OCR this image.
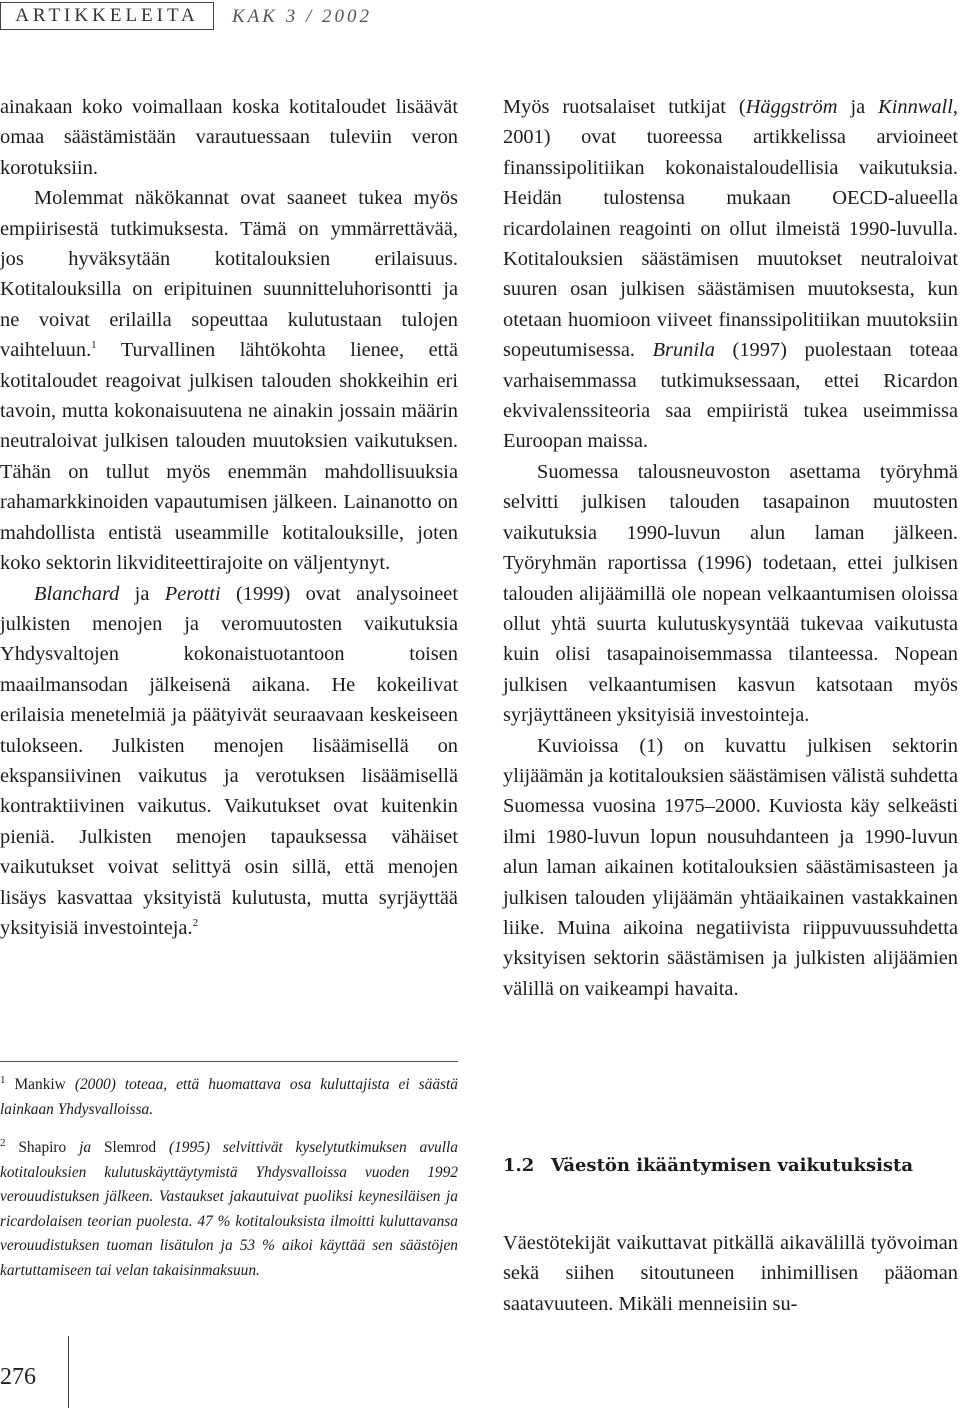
ARTIKKELEITA	KAK 3 / 2002

ainakaan koko voimallaan koska kotitaloudet lisäävät omaa säästämistään varautuessaan tuleviin veron korotuksiin.

Molemmat näkökannat ovat saaneet tukea myös empiirisestä tutkimuksesta. Tämä on ymmärrettävää, jos hyväksytään kotitalouksien erilaisuus. Kotitalouksilla on eripituinen suunnitteluhorisontti ja ne voivat erilailla sopeuttaa kulutustaan tulojen vaihteluun.$^1$ Turvallinen lähtökohta lienee, että kotitaloudet reagoivat julkisen talouden shokkeihin eri tavoin, mutta kokonaisuutena ne ainakin jossain määrin neutraloivat julkisen talouden muutoksien vaikutuksen. Tähän on tullut myös enemmän mahdollisuuksia rahamarkkinoiden vapautumisen jälkeen. Lainanotto on mahdollista entistä useammille kotitalouksille, joten koko sektorin likviditeettirajoite on väljentynyt.

Blanchard ja Perotti (1999) ovat analysoineet julkisten menojen ja veromuutosten vaikutuksia Yhdysvaltojen kokonaistuotantoon toisen maailmansodan jälkeisenä aikana. He kokeilivat erilaisia menetelmiä ja päätyivät seuraavaan keskeiseen tulokseen. Julkisten menojen lisäämisellä on ekspansiivinen vaikutus ja verotuksen lisäämisellä kontraktiivinen vaikutus. Vaikutukset ovat kuitenkin pieniä. Julkisten menojen tapauksessa vähäiset vaikutukset voivat selittyä osin sillä, että menojen lisäys kasvattaa yksityistä kulutusta, mutta syrjäyttää yksityisiä investointeja.$^2$

$^1$ Mankiw (2000) toteaa, että huomattava osa kuluttajista ei säästä lainkaan Yhdysvalloissa.

$^2$ Shapiro ja Slemrod (1995) selvittivät kyselytutkimuksen avulla kotitalouksien kulutuskäyttäytymistä Yhdysvalloissa vuoden 1992 verouudistuksen jälkeen. Vastaukset jakautuivat puoliksi keynesiläisen ja ricardolaisen teorian puolesta. 47 % kotitalouksista ilmoitti kuluttavansa verouudistuksen tuoman lisätulon ja 53 % aikoi käyttää sen säästöjen kartuttamiseen tai velan takaisinmaksuun.

Myös ruotsalaiset tutkijat (Häggström ja Kinnwall, 2001) ovat tuoreessa artikkelissa arvioineet finanssipolitiikan kokonaistaloudellisia vaikutuksia. Heidän tulostensa mukaan OECD-alueella ricardolainen reagointi on ollut ilmeistä 1990-luvulla. Kotitalouksien säästämisen muutokset neutraloivat suuren osan julkisen säästämisen muutoksesta, kun otetaan huomioon viiveet finanssipolitiikan muutoksiin sopeutumisessa. Brunila (1997) puolestaan toteaa varhaisemmassa tutkimuksessaan, ettei Ricardon ekvivalenssiteoria saa empiiristä tukea useimmissa Euroopan maissa.

Suomessa talousneuvoston asettama työryhmä selvitti julkisen talouden tasapainon muutosten vaikutuksia 1990-luvun alun laman jälkeen. Työryhmän raportissa (1996) todetaan, ettei julkisen talouden alijäämillä ole nopean velkaantumisen oloissa ollut yhtä suurta kulutuskysyntää tukevaa vaikutusta kuin olisi tasapainoisemmassa tilanteessa. Nopean julkisen velkaantumisen kasvun katsotaan myös syrjäyttäneen yksityisiä investointeja.

Kuvioissa (1) on kuvattu julkisen sektorin ylijäämän ja kotitalouksien säästämisen välistä suhdetta Suomessa vuosina 1975–2000. Kuviosta käy selkeästi ilmi 1980-luvun lopun nousuhdanteen ja 1990-luvun alun laman aikainen kotitalouksien säästämisasteen ja julkisen talouden ylijäämän yhtäaikainen vastakkainen liike. Muina aikoina negatiivista riippuvuussuhdetta yksityisen sektorin säästämisen ja julkisten alijäämien välillä on vaikeampi havaita.

1.2 Väestön ikääntymisen vaikutuksista

Väestötekijät vaikuttavat pitkällä aikavälillä työvoiman sekä siihen sitoutuneen inhimillisen pääoman saatavuuteen. Mikäli menneisiin su-

276
